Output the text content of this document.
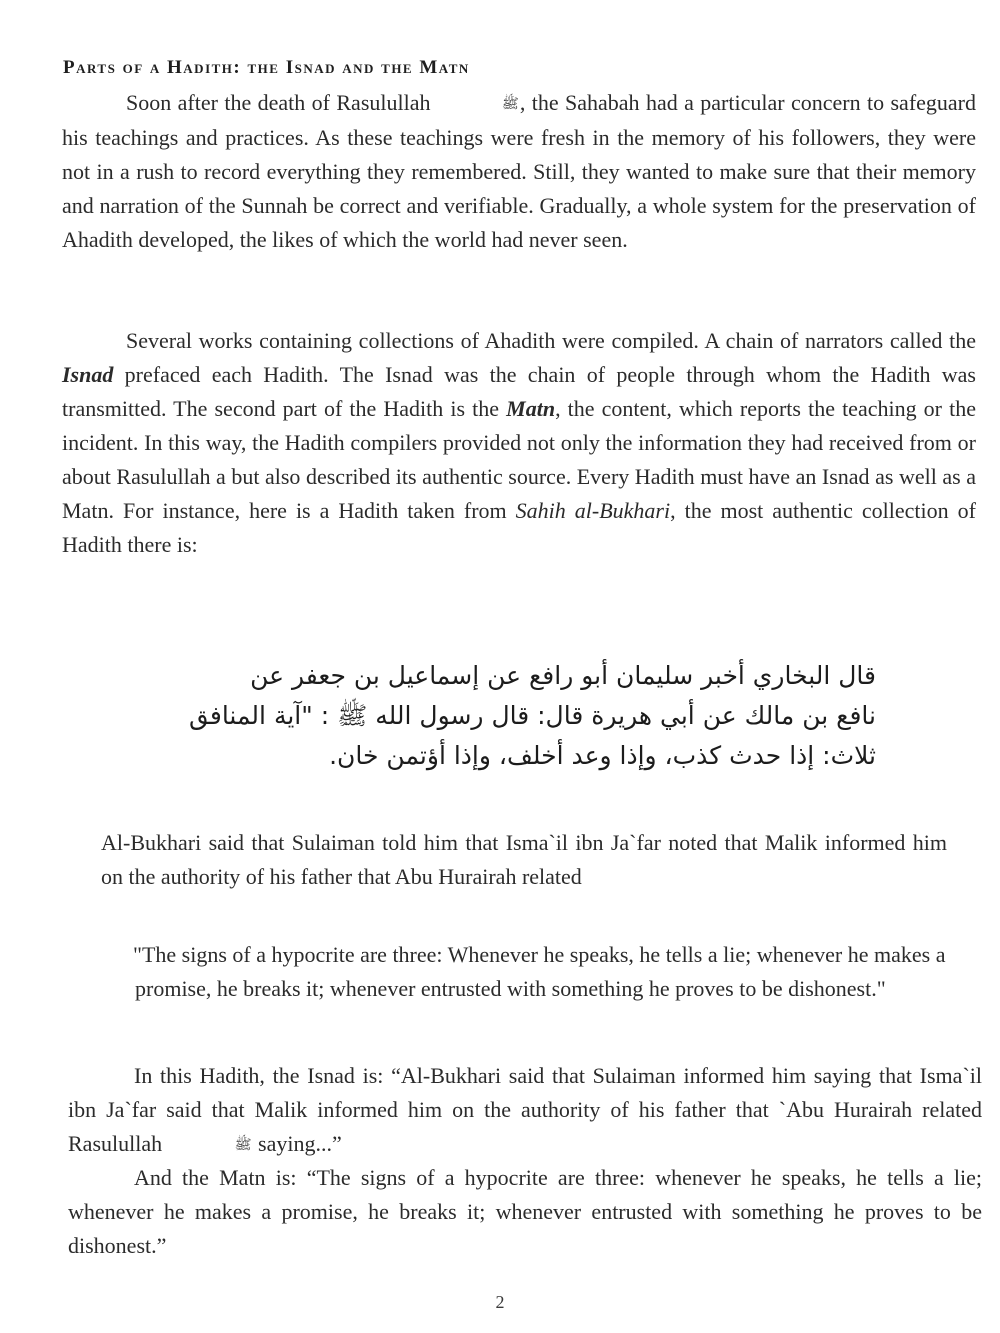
Parts of a Hadith: the Isnad and the Matn

Soon after the death of Rasulullah	ﷺ, the Sahabah had a particular concern to safeguard his teachings and practices. As these teachings were fresh in the memory of his followers, they were not in a rush to record everything they remembered. Still, they wanted to make sure that their memory and narration of the Sunnah be correct and verifiable. Gradually, a whole system for the preservation of Ahadith developed, the likes of which the world had never seen.

Several works containing collections of Ahadith were compiled. A chain of narrators called the Isnad prefaced each Hadith. The Isnad was the chain of people through whom the Hadith was transmitted. The second part of the Hadith is the Matn, the content, which reports the teaching or the incident. In this way, the Hadith compilers provided not only the information they had received from or about Rasulullah a but also described its authentic source. Every Hadith must have an Isnad as well as a Matn. For instance, here is a Hadith taken from Sahih al-Bukhari, the most authentic collection of Hadith there is:

قال البخاري أخبر سليمان أبو رافع عن إسماعيل بن جعفر عن
نافع بن مالك عن أبي هريرة قال: قال رسول الله ﷺ : "آية المنافق
ثلاث: إذا حدث كذب، وإذا وعد أخلف، وإذا أؤتمن خان.

Al-Bukhari said that Sulaiman told him that Isma`il ibn Ja`far noted that Malik informed him on the authority of his father that Abu Hurairah related

"The signs of a hypocrite are three: Whenever he speaks, he tells a lie; whenever he makes a promise, he breaks it; whenever entrusted with something he proves to be dishonest."

In this Hadith, the Isnad is: “Al-Bukhari said that Sulaiman informed him saying that Isma`il ibn Ja`far said that Malik informed him on the authority of his father that `Abu Hurairah related Rasulullah	ﷺ saying...”

And the Matn is: “The signs of a hypocrite are three: whenever he speaks, he tells a lie; whenever he makes a promise, he breaks it; whenever entrusted with something he proves to be dishonest.”

2
